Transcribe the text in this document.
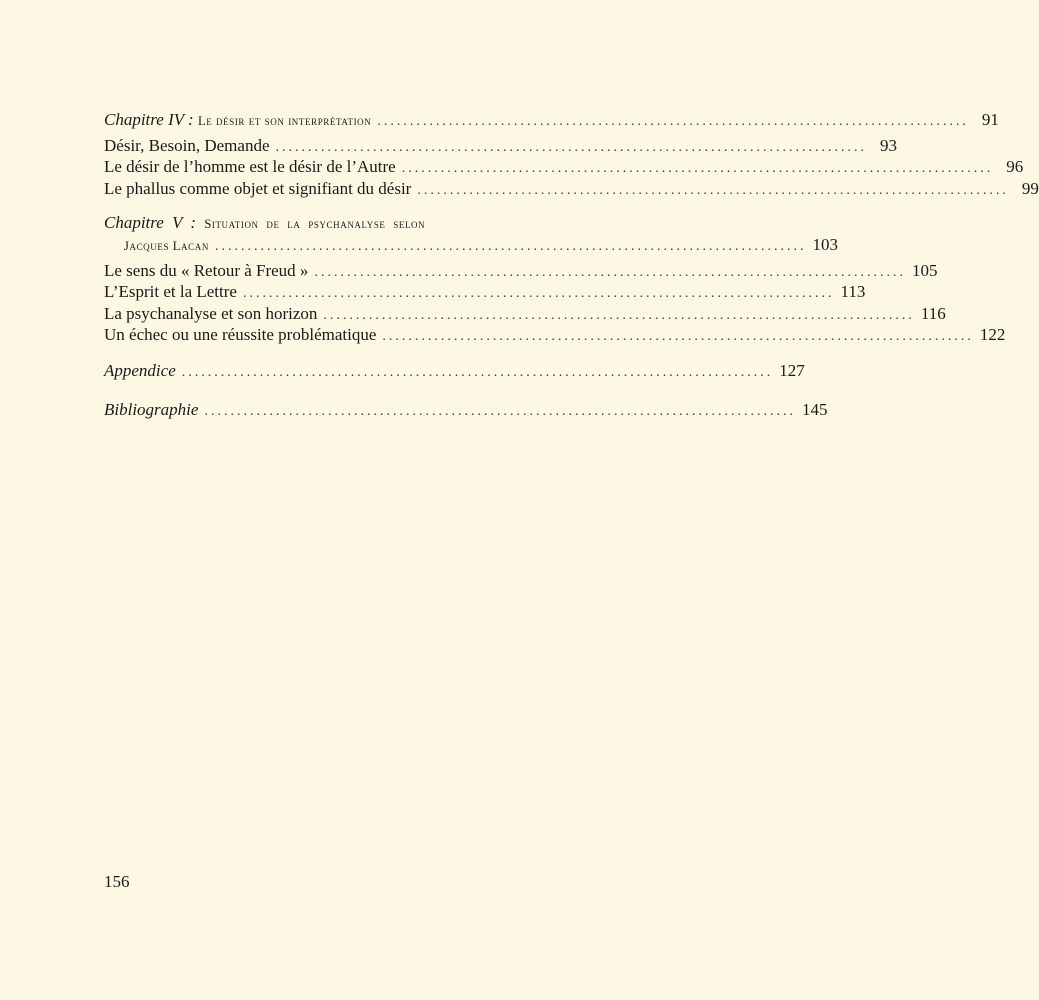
Chapitre IV : Le désir et son interprétation ........................................................................................... 91
Désir, Besoin, Demande ........................................................................................... 93
Le désir de l’homme est le désir de l’Autre ........................................................................................... 96
Le phallus comme objet et signifiant du désir ........................................................................................... 99
Chapitre V : Situation de la psychanalyse selon
Jacques Lacan ........................................................................................... 103
Le sens du « Retour à Freud » ........................................................................................... 105
L’Esprit et la Lettre ........................................................................................... 113
La psychanalyse et son horizon ........................................................................................... 116
Un échec ou une réussite problématique ........................................................................................... 122
Appendice ........................................................................................... 127
Bibliographie ........................................................................................... 145
156
